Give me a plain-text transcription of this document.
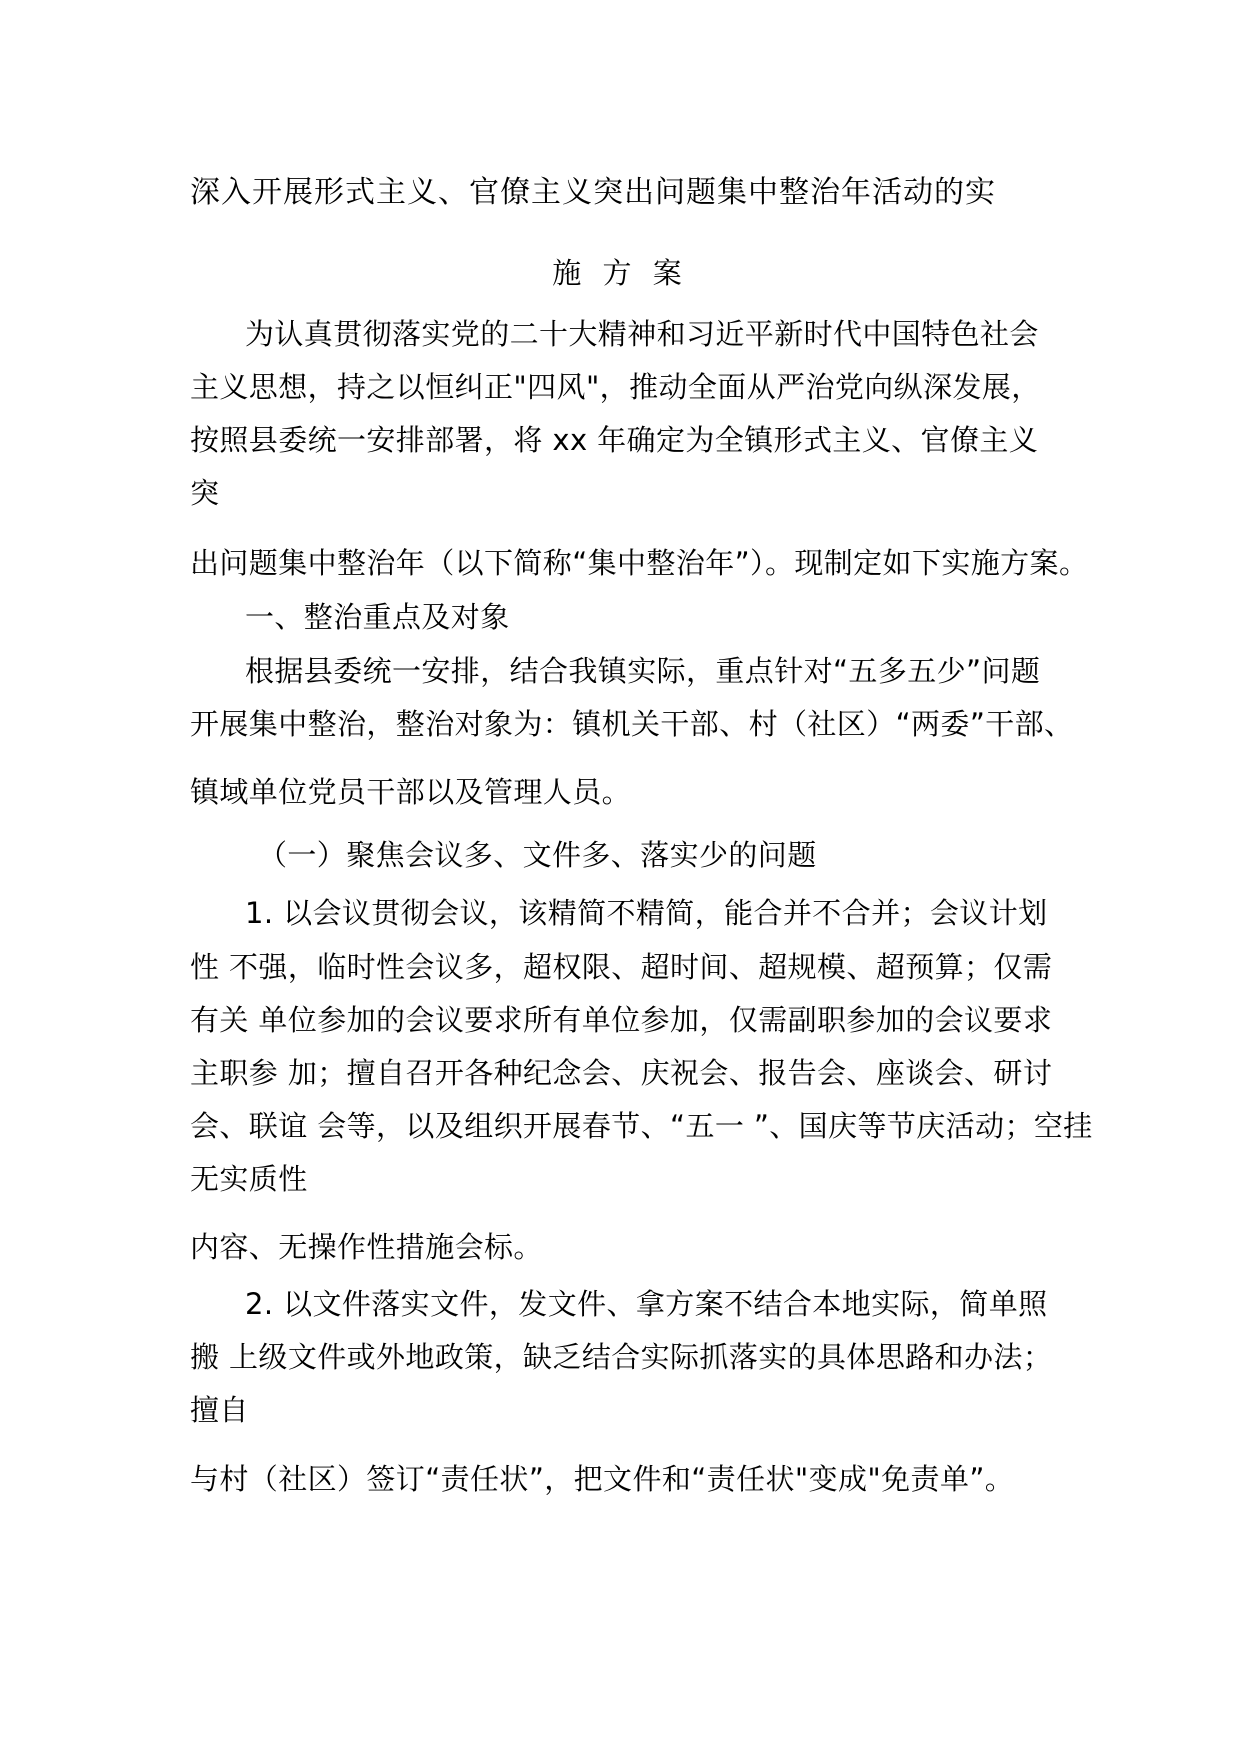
深入开展形式主义、官僚主义突出问题集中整治年活动的实
施 方 案

为认真贯彻落实党的二十大精神和习近平新时代中国特色社会

主义思想，持之以恒纠正"四风"，推动全面从严治党向纵深发展，

按照县委统一安排部署，将 xx 年确定为全镇形式主义、官僚主义

突

出问题集中整治年（以下简称“集中整治年”）。现制定如下实施方案。

一、整治重点及对象

根据县委统一安排，结合我镇实际，重点针对“五多五少”问题

开展集中整治，整治对象为：镇机关干部、村（社区）“两委”干部、

镇域单位党员干部以及管理人员。

（一）聚焦会议多、文件多、落实少的问题

1. 以会议贯彻会议，该精简不精简，能合并不合并；会议计划

性 不强，临时性会议多，超权限、超时间、超规模、超预算；仅需

有关 单位参加的会议要求所有单位参加，仅需副职参加的会议要求

主职参 加；擅自召开各种纪念会、庆祝会、报告会、座谈会、研讨

会、联谊 会等，以及组织开展春节、“五一 ”、国庆等节庆活动；空挂

无实质性

内容、无操作性措施会标。

2. 以文件落实文件，发文件、拿方案不结合本地实际，简单照

搬 上级文件或外地政策，缺乏结合实际抓落实的具体思路和办法；

擅自

与村（社区）签订“责任状”，把文件和“责任状"变成"免责单”。
